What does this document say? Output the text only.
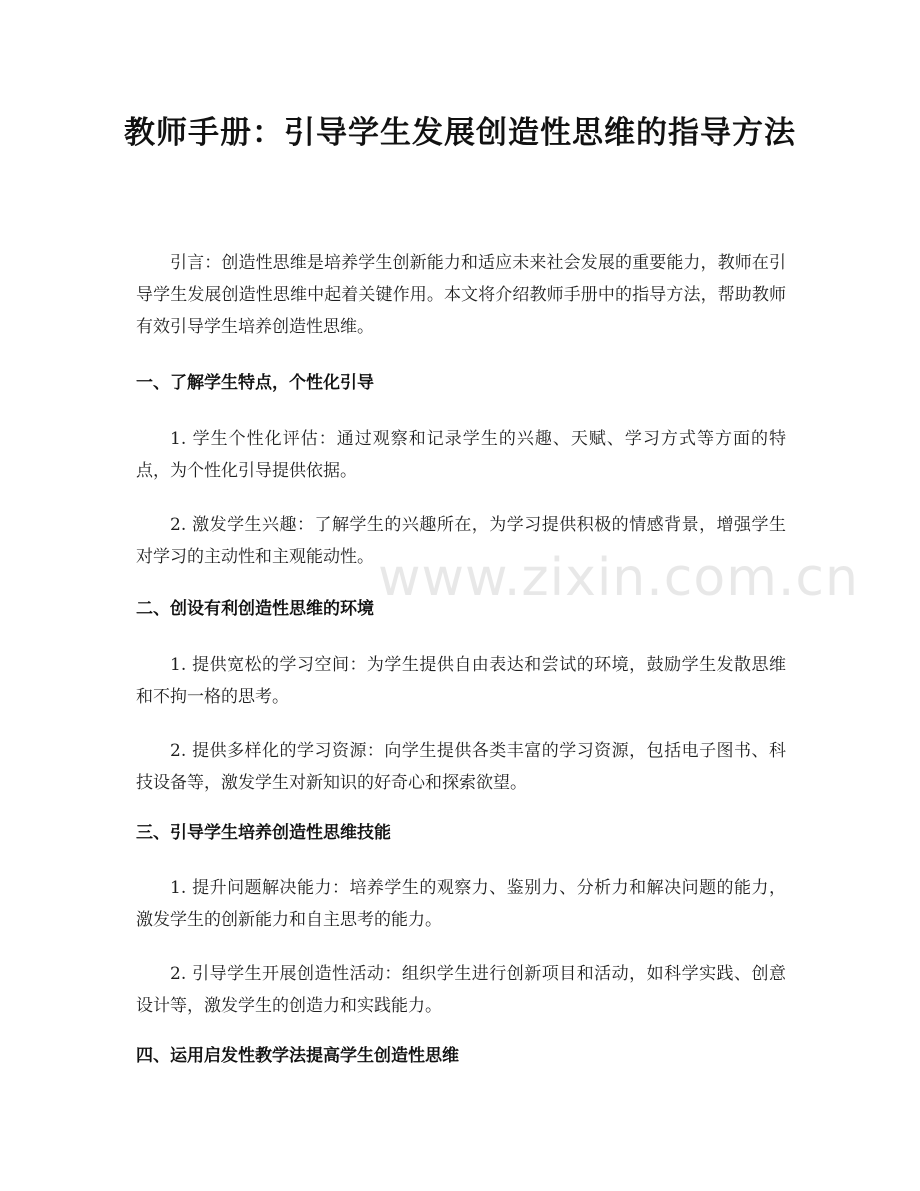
教师手册：引导学生发展创造性思维的指导方法
引言：创造性思维是培养学生创新能力和适应未来社会发展的重要能力，教师在引导学生发展创造性思维中起着关键作用。本文将介绍教师手册中的指导方法，帮助教师有效引导学生培养创造性思维。
一、了解学生特点，个性化引导
1. 学生个性化评估：通过观察和记录学生的兴趣、天赋、学习方式等方面的特点，为个性化引导提供依据。
2. 激发学生兴趣：了解学生的兴趣所在，为学习提供积极的情感背景，增强学生对学习的主动性和主观能动性。
二、创设有利创造性思维的环境
1. 提供宽松的学习空间：为学生提供自由表达和尝试的环境，鼓励学生发散思维和不拘一格的思考。
2. 提供多样化的学习资源：向学生提供各类丰富的学习资源，包括电子图书、科技设备等，激发学生对新知识的好奇心和探索欲望。
三、引导学生培养创造性思维技能
1. 提升问题解决能力：培养学生的观察力、鉴别力、分析力和解决问题的能力，激发学生的创新能力和自主思考的能力。
2. 引导学生开展创造性活动：组织学生进行创新项目和活动，如科学实践、创意设计等，激发学生的创造力和实践能力。
四、运用启发性教学法提高学生创造性思维
www.zixin.com.cn
